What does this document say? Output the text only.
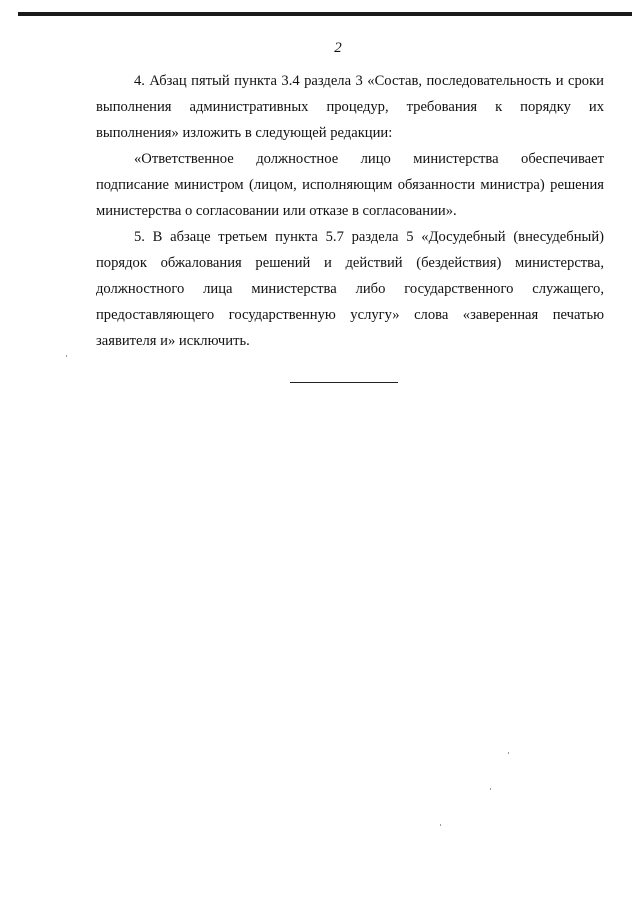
2

4. Абзац пятый пункта 3.4 раздела 3 «Состав, последовательность и сроки выполнения административных процедур, требования к порядку их выполнения» изложить в следующей редакции:

«Ответственное должностное лицо министерства обеспечивает подписание министром (лицом, исполняющим обязанности министра) решения министерства о согласовании или отказе в согласовании».

5. В абзаце третьем пункта 5.7 раздела 5 «Досудебный (внесудебный) порядок обжалования решений и действий (бездействия) министерства, должностного лица министерства либо государственного служащего, предоставляющего государственную услугу» слова «заверенная печатью заявителя и» исключить.
